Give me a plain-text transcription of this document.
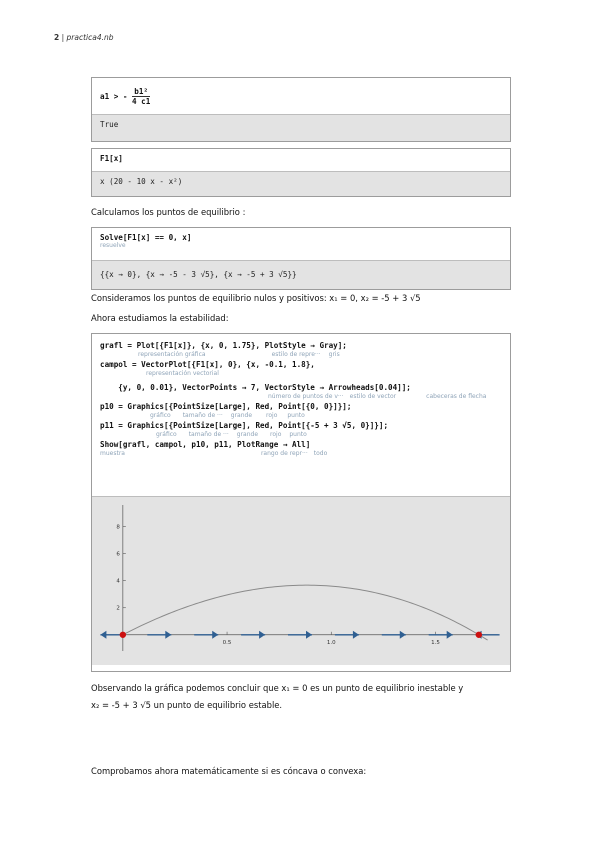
2 | practica4.nb
a1 > -
$\frac{\text{b1²}}{4 c1}$
True
F1[x]
x (20 - 10 x - x²)
Calculamos los puntos de equilibrio :
Solve[F1[x] == 0, x]
resuelve
{{x → 0}, {x → -5 - 3 √5}, {x → -5 + 3 √5}}
Consideramos los puntos de equilibrio nulos y positivos: x₁ = 0, x₂ = -5 + 3 √5
Ahora estudiamos la estabilidad:
grafl = Plot[{F1[x]}, {x, 0, 1.75}, PlotStyle → Gray];
representación gráfica	estilo de repre··· gris
campol = VectorPlot[{F1[x], 0}, {x, -0.1, 1.8},
representación vectorial
{y, 0, 0.01}, VectorPoints → 7, VectorStyle → Arrowheads[0.04]];
número de puntos de v··· estilo de vector	cabeceras de flecha
p10 = Graphics[{PointSize[Large], Red, Point[{0, 0}]}];
gráfico tamaño de ··· grande rojo punto
p11 = Graphics[{PointSize[Large], Red, Point[{-5 + 3 √5, 0}]}];
gráfico tamaño de ··· grande rojo punto
Show[grafl, campol, p10, p11, PlotRange → All]
muestra	rango de repr··· todo
0.5	1.0	1.5
2
4
6
8
Observando la gráfica podemos concluir que x₁ = 0 es un punto de equilibrio inestable y
x₂ = -5 + 3 √5 un punto de equilibrio estable.
Comprobamos ahora matemáticamente si es cóncava o convexa:
